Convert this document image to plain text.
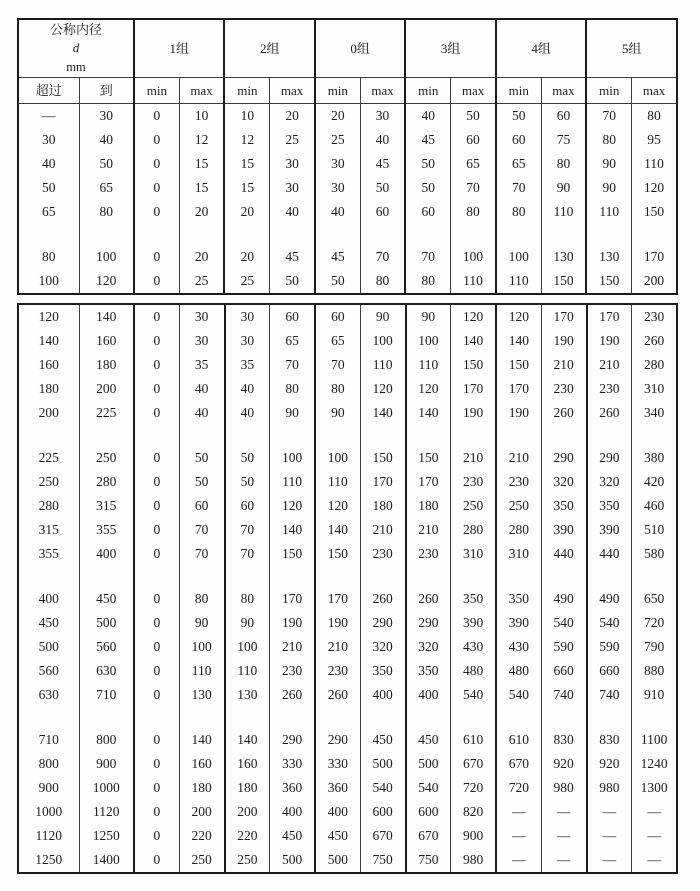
公称内径
d
mm		1组		2组		0组		3组		4组		5组	
超过	到	min	max	min	max	min	max	min	max	min	max	min	max
—	30	0	10	10	20	20	30	40	50	50	60	70	80
30	40	0	12	12	25	25	40	45	60	60	75	80	95
40	50	0	15	15	30	30	45	50	65	65	80	90	110
50	65	0	15	15	30	30	50	50	70	70	90	90	120
65	80	0	20	20	40	40	60	60	80	80	110	110	150

80	100	0	20	20	45	45	70	70	100	100	130	130	170
100	120	0	25	25	50	50	80	80	110	110	150	150	200
120	140	0	30	30	60	60	90	90	120	120	170	170	230
140	160	0	30	30	65	65	100	100	140	140	190	190	260
160	180	0	35	35	70	70	110	110	150	150	210	210	280
180	200	0	40	40	80	80	120	120	170	170	230	230	310
200	225	0	40	40	90	90	140	140	190	190	260	260	340

225	250	0	50	50	100	100	150	150	210	210	290	290	380
250	280	0	50	50	110	110	170	170	230	230	320	320	420
280	315	0	60	60	120	120	180	180	250	250	350	350	460
315	355	0	70	70	140	140	210	210	280	280	390	390	510
355	400	0	70	70	150	150	230	230	310	310	440	440	580

400	450	0	80	80	170	170	260	260	350	350	490	490	650
450	500	0	90	90	190	190	290	290	390	390	540	540	720
500	560	0	100	100	210	210	320	320	430	430	590	590	790
560	630	0	110	110	230	230	350	350	480	480	660	660	880
630	710	0	130	130	260	260	400	400	540	540	740	740	910

710	800	0	140	140	290	290	450	450	610	610	830	830	1100
800	900	0	160	160	330	330	500	500	670	670	920	920	1240
900	1000	0	180	180	360	360	540	540	720	720	980	980	1300
1000	1120	0	200	200	400	400	600	600	820	—	—	—	—
1120	1250	0	220	220	450	450	670	670	900	—	—	—	—
1250	1400	0	250	250	500	500	750	750	980	—	—	—	—
